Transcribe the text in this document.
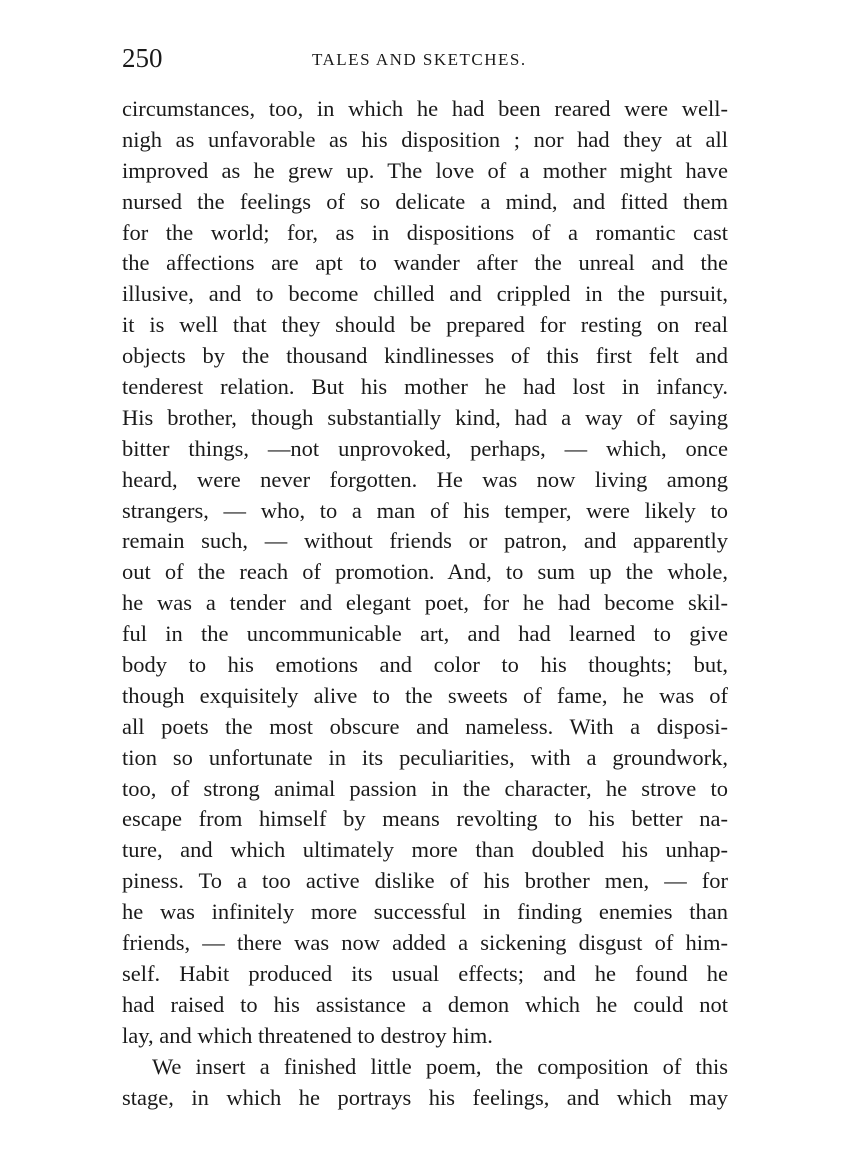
250	TALES AND SKETCHES.
circumstances, too, in which he had been reared were well-
nigh as unfavorable as his disposition ; nor had they at all
improved as he grew up. The love of a mother might have
nursed the feelings of so delicate a mind, and fitted them
for the world; for, as in dispositions of a romantic cast
the affections are apt to wander after the unreal and the
illusive, and to become chilled and crippled in the pursuit,
it is well that they should be prepared for resting on real
objects by the thousand kindlinesses of this first felt and
tenderest relation. But his mother he had lost in infancy.
His brother, though substantially kind, had a way of saying
bitter things, —not unprovoked, perhaps, — which, once
heard, were never forgotten. He was now living among
strangers, — who, to a man of his temper, were likely to
remain such, — without friends or patron, and apparently
out of the reach of promotion. And, to sum up the whole,
he was a tender and elegant poet, for he had become skil-
ful in the uncommunicable art, and had learned to give
body to his emotions and color to his thoughts; but,
though exquisitely alive to the sweets of fame, he was of
all poets the most obscure and nameless. With a disposi-
tion so unfortunate in its peculiarities, with a groundwork,
too, of strong animal passion in the character, he strove to
escape from himself by means revolting to his better na-
ture, and which ultimately more than doubled his unhap-
piness. To a too active dislike of his brother men, — for
he was infinitely more successful in finding enemies than
friends, — there was now added a sickening disgust of him-
self. Habit produced its usual effects; and he found he
had raised to his assistance a demon which he could not
lay, and which threatened to destroy him.
We insert a finished little poem, the composition of this
stage, in which he portrays his feelings, and which may
